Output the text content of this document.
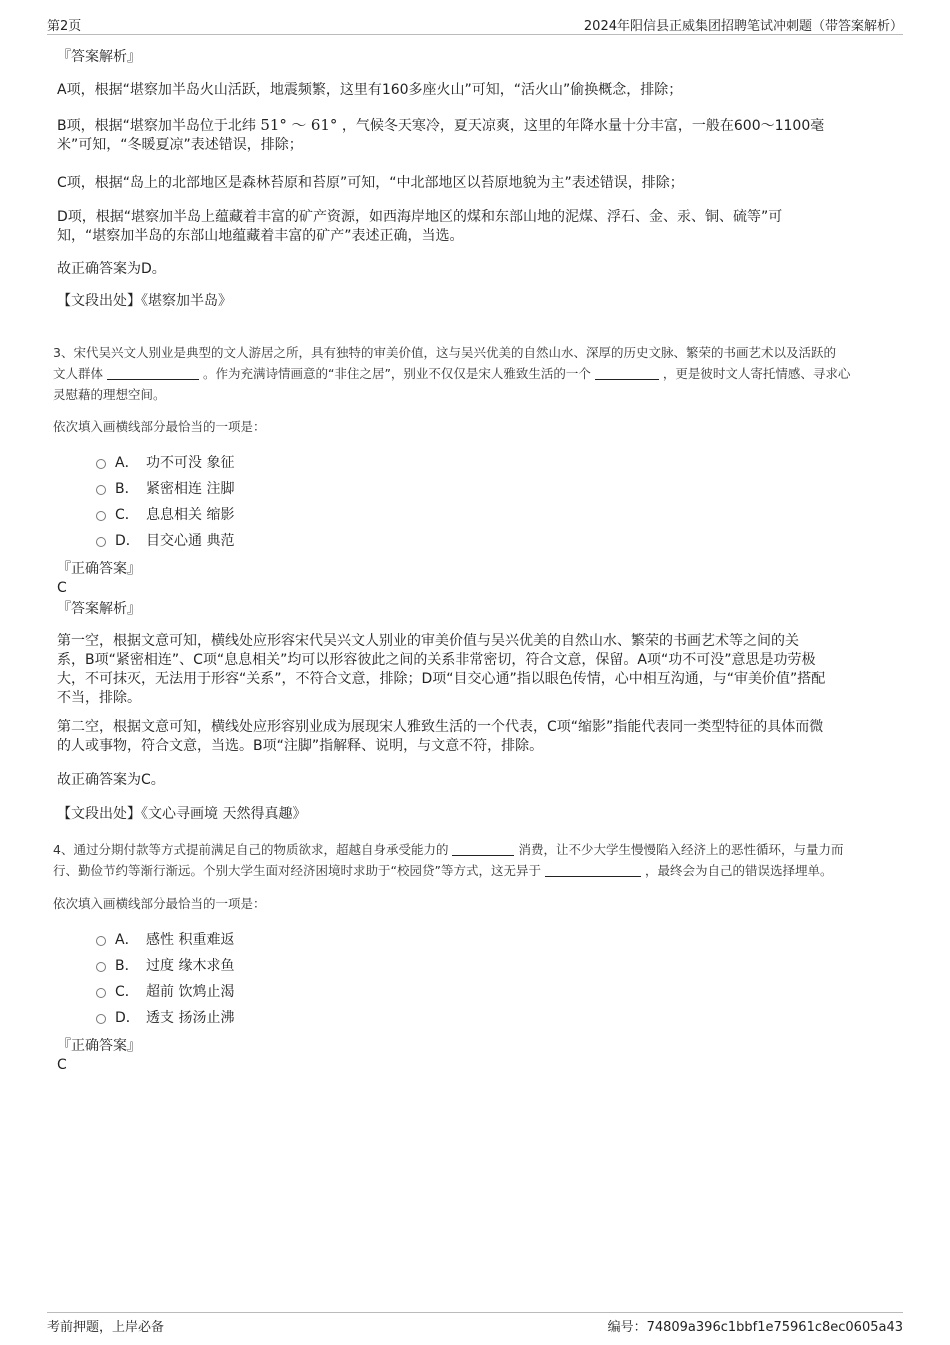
第2页	2024年阳信县正威集团招聘笔试冲刺题（带答案解析）

『答案解析』

A项，根据“堪察加半岛火山活跃，地震频繁，这里有160多座火山”可知，“活火山”偷换概念，排除；

B项，根据“堪察加半岛位于北纬 51° ～ 61° ，气候冬天寒冷，夏天凉爽，这里的年降水量十分丰富，一般在600～1100毫

米”可知，“冬暖夏凉”表述错误，排除；

C项，根据“岛上的北部地区是森林苔原和苔原”可知，“中北部地区以苔原地貌为主”表述错误，排除；

D项，根据“堪察加半岛上蕴藏着丰富的矿产资源，如西海岸地区的煤和东部山地的泥煤、浮石、金、汞、铜、硫等”可

知，“堪察加半岛的东部山地蕴藏着丰富的矿产”表述正确，当选。

故正确答案为D。

【文段出处】《堪察加半岛》

3、宋代吴兴文人别业是典型的文人游居之所，具有独特的审美价值，这与吴兴优美的自然山水、深厚的历史文脉、繁荣的书画艺术以及活跃的
文人群体	。作为充满诗情画意的“非住之居”，别业不仅仅是宋人雅致生活的一个	，更是彼时文人寄托情感、寻求心
灵慰藉的理想空间。
依次填入画横线部分最恰当的一项是：
A． 功不可没 象征
B． 紧密相连 注脚
C． 息息相关 缩影
D． 目交心通 典范

『正确答案』

C

『答案解析』

第一空，根据文意可知，横线处应形容宋代吴兴文人别业的审美价值与吴兴优美的自然山水、繁荣的书画艺术等之间的关

系，B项“紧密相连”、C项“息息相关”均可以形容彼此之间的关系非常密切，符合文意，保留。A项“功不可没”意思是功劳极

大，不可抹灭，无法用于形容“关系”，不符合文意，排除；D项“目交心通”指以眼色传情，心中相互沟通，与“审美价值”搭配

不当，排除。

第二空，根据文意可知，横线处应形容别业成为展现宋人雅致生活的一个代表，C项“缩影”指能代表同一类型特征的具体而微

的人或事物，符合文意，当选。B项“注脚”指解释、说明，与文意不符，排除。

故正确答案为C。

【文段出处】《文心寻画境 天然得真趣》

4、通过分期付款等方式提前满足自己的物质欲求，超越自身承受能力的	消费，让不少大学生慢慢陷入经济上的恶性循环，与量力而
行、勤俭节约等渐行渐远。个别大学生面对经济困境时求助于“校园贷”等方式，这无异于	，最终会为自己的错误选择埋单。
依次填入画横线部分最恰当的一项是：
A． 感性 积重难返
B． 过度 缘木求鱼
C． 超前 饮鸩止渴
D． 透支 扬汤止沸

『正确答案』

C

考前押题，上岸必备	编号：74809a396c1bbf1e75961c8ec0605a43
